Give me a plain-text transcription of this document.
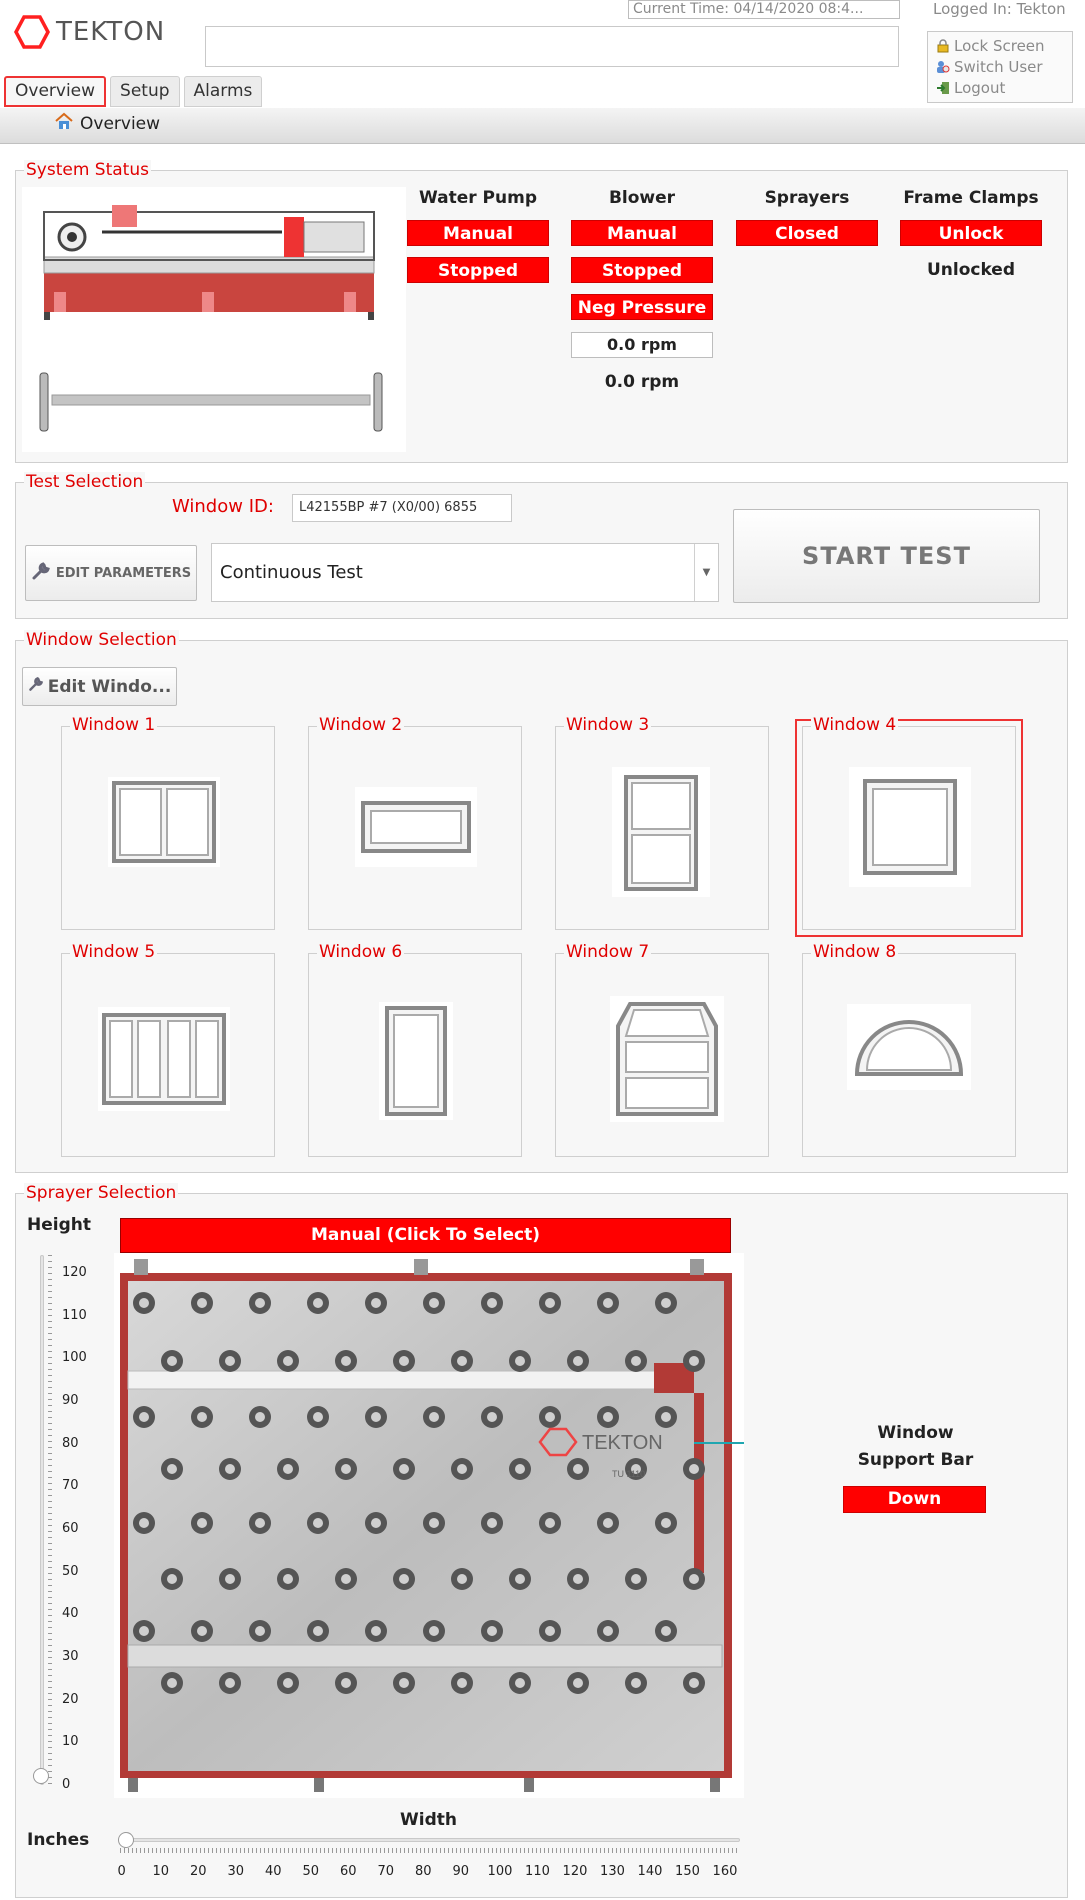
TEKTON
Current Time: 04/14/2020 08:4...	Logged In: Tekton
Lock Screen
Switch User
Logout
Overview	Setup	Alarms
Overview
System Status
Water Pump
Manual
Stopped
Blower
Manual
Stopped
Neg Pressure
0.0 rpm
0.0 rpm
Sprayers
Closed
Frame Clamps
Unlock
Unlocked
Test Selection
Window ID:	L42155BP #7 (X0/00) 6855
EDIT PARAMETERS Continuous Test	▼
START TEST
Window Selection
Edit Windo...
Window 1	Window 2	Window 3	Window 4
Window 5	Window 6	Window 7	Window 8
Sprayer Selection
Height	Manual (Click To Select)
120
110
100
90
80
70
60
50
40
30
20
10
0
TEKTON
TU 1110
Window
Support Bar
Down
Width
Inches
0 10 20 30 40 50 60 70 80 90 100 110 120 130 140 150 160
